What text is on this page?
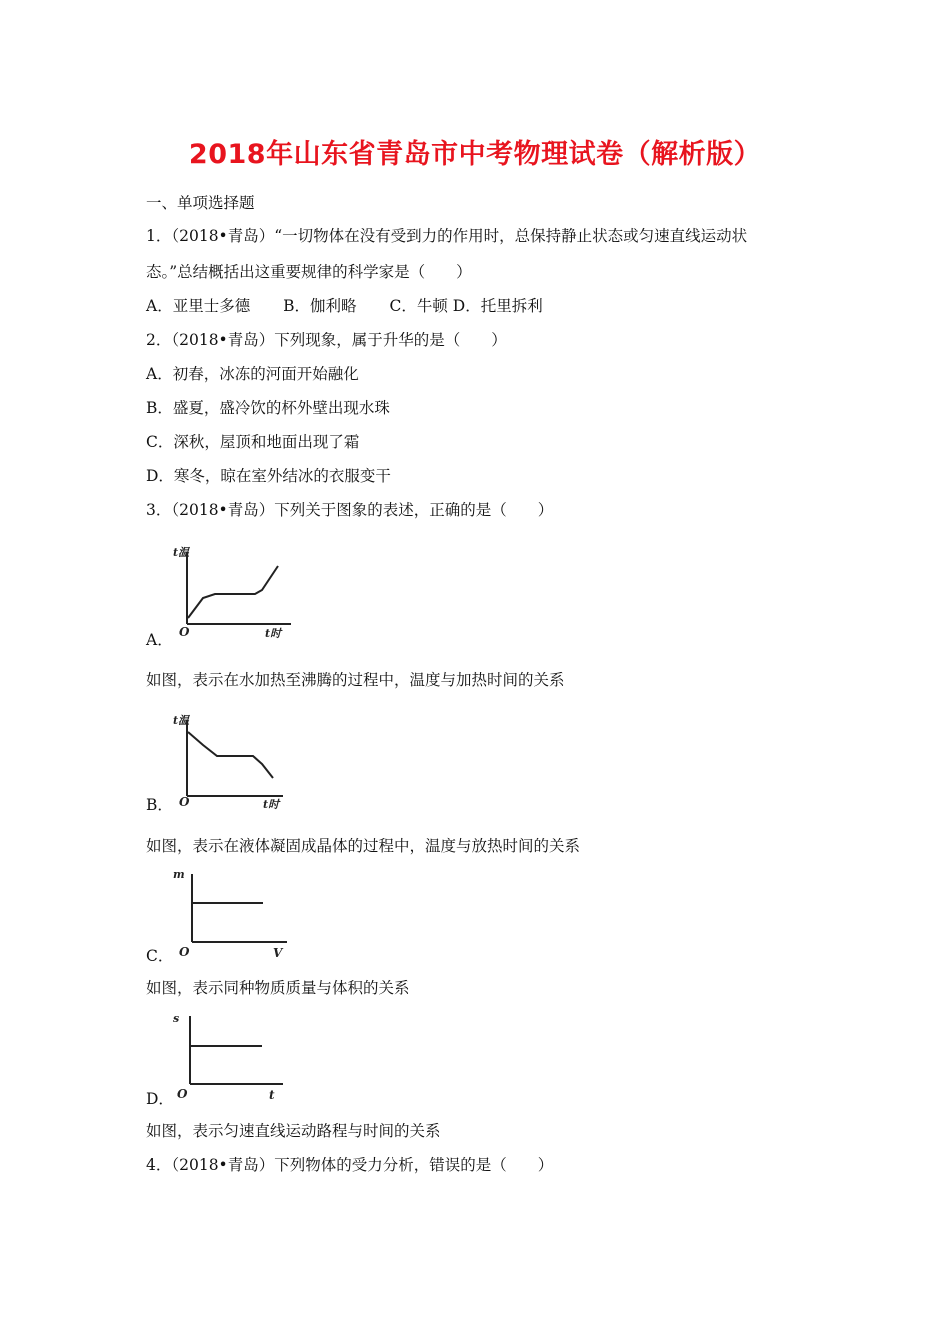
2018年山东省青岛市中考物理试卷（解析版）
一、单项选择题
1．（2018•青岛）“一切物体在没有受到力的作用时，总保持静止状态或匀速直线运动状
态。”总结概括出这重要规律的科学家是（　　）
A．亚里士多德 B．伽利略 C．牛顿 D．托里拆利
2．（2018•青岛）下列现象，属于升华的是（　　）
A．初春，冰冻的河面开始融化
B．盛夏，盛冷饮的杯外壁出现水珠
C．深秋，屋顶和地面出现了霜
D．寒冬，晾在室外结冰的衣服变干
3．（2018•青岛）下列关于图象的表述，正确的是（　　）
t温
O	t时
A．
如图，表示在水加热至沸腾的过程中，温度与加热时间的关系
t温
O	t时
B．
如图，表示在液体凝固成晶体的过程中，温度与放热时间的关系
m
O	V
C．
如图，表示同种物质质量与体积的关系
s
O	t
D．
如图，表示匀速直线运动路程与时间的关系
4．（2018•青岛）下列物体的受力分析，错误的是（　　）
